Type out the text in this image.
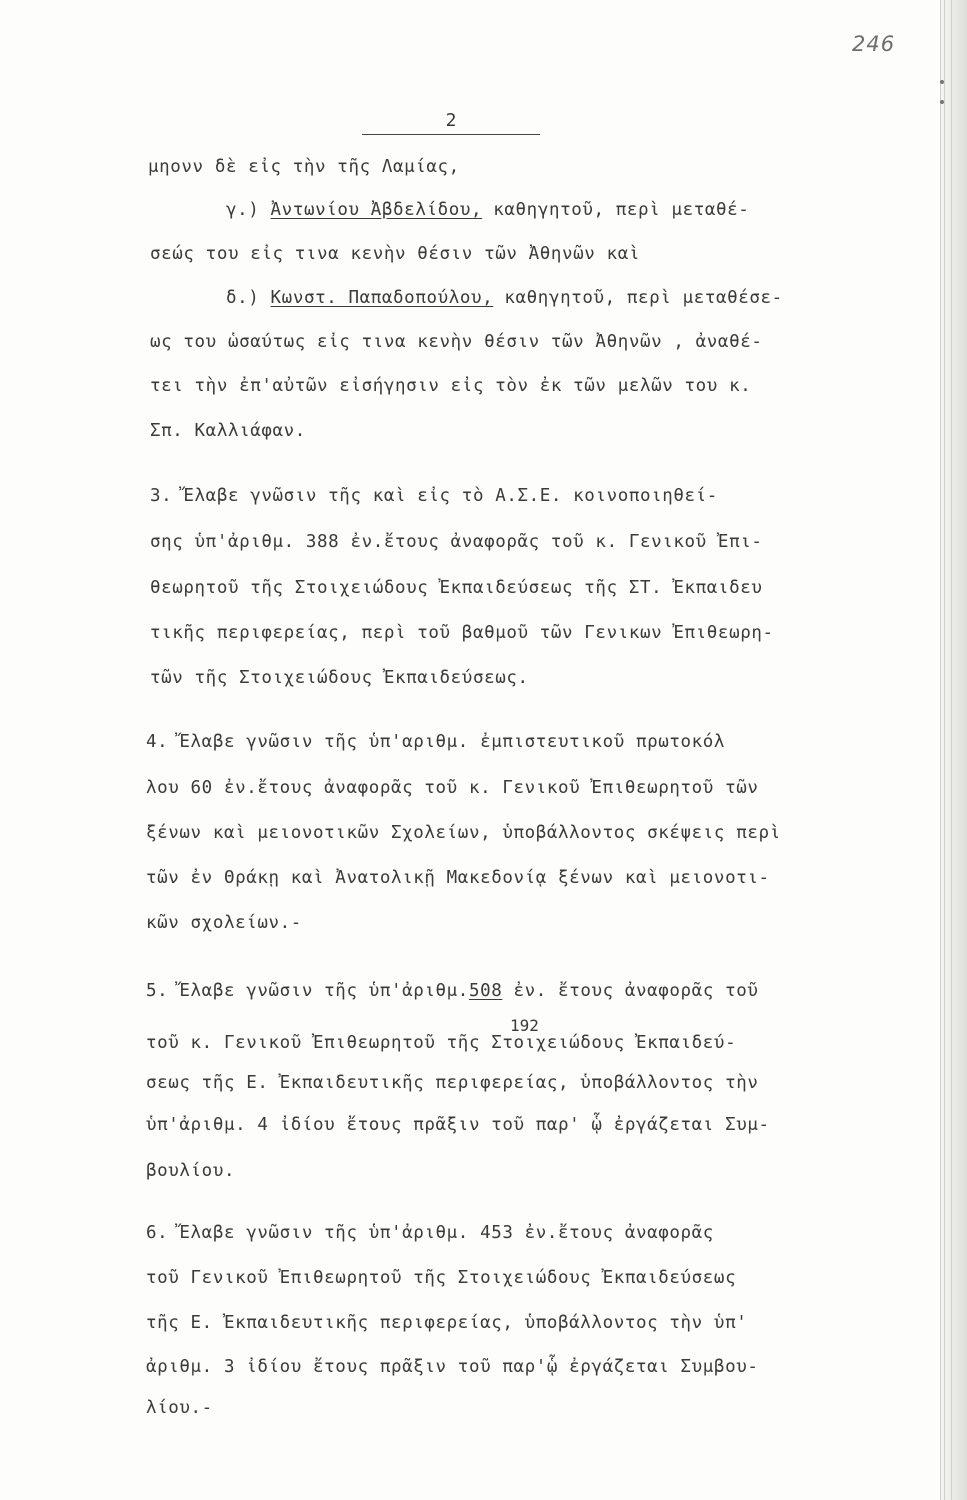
246
2
μηονν δὲ εἰς τὴν τῆς Λαμίας,
γ.) Ἀντωνίου Ἀβδελίδου, καθηγητοῦ, περὶ μεταθέ-
σεώς του εἰς τινα κενὴν θέσιν τῶν Ἀθηνῶν καὶ
δ.) Κωνστ. Παπαδοπούλου, καθηγητοῦ, περὶ μεταθέσε-
ως του ὡσαύτως εἰς τινα κενὴν θέσιν τῶν Ἀθηνῶν , ἀναθέ-
τει τὴν ἐπ'αὐτῶν εἰσήγησιν εἰς τὸν ἐκ τῶν μελῶν του κ.
Σπ. Καλλιάφαν.
3. Ἔλαβε γνῶσιν τῆς καὶ εἰς τὸ Α.Σ.Ε. κοινοποιηθεί-
σης ὑπ'ἀριθμ. 388 ἐν.ἔτους ἀναφορᾶς τοῦ κ. Γενικοῦ Ἐπι-
θεωρητοῦ τῆς Στοιχειώδους Ἐκπαιδεύσεως τῆς ΣΤ. Ἐκπαιδευ
τικῆς περιφερείας, περὶ τοῦ βαθμοῦ τῶν Γενικων Ἐπιθεωρη-
τῶν τῆς Στοιχειώδους Ἐκπαιδεύσεως.
4. Ἔλαβε γνῶσιν τῆς ὑπ'αριθμ. ἐμπιστευτικοῦ πρωτοκόλ
λου 60 ἐν.ἔτους ἀναφορᾶς τοῦ κ. Γενικοῦ Ἐπιθεωρητοῦ τῶν
ξένων καὶ μειονοτικῶν Σχολείων, ὑποβάλλοντος σκέψεις περὶ
τῶν ἐν Θράκῃ καὶ Ἀνατολικῇ Μακεδονίᾳ ξένων καὶ μειονοτι-
κῶν σχολείων.-
5. Ἔλαβε γνῶσιν τῆς ὑπ'ἀριθμ.508 ἐν. ἔτους ἀναφορᾶς τοῦ
192
τοῦ κ. Γενικοῦ Ἐπιθεωρητοῦ τῆς Στοιχειώδους Ἐκπαιδεύ-
σεως τῆς Ε. Ἐκπαιδευτικῆς περιφερείας, ὑποβάλλοντος τὴν
ὑπ'ἀριθμ. 4 ἰδίου ἔτους πρᾶξιν τοῦ παρ' ᾧ ἐργάζεται Συμ-
βουλίου.
6. Ἔλαβε γνῶσιν τῆς ὑπ'ἀριθμ. 453 ἐν.ἔτους ἀναφορᾶς
τοῦ Γενικοῦ Ἐπιθεωρητοῦ τῆς Στοιχειώδους Ἐκπαιδεύσεως
τῆς Ε. Ἐκπαιδευτικῆς περιφερείας, ὑποβάλλοντος τὴν ὑπ'
ἀριθμ. 3 ἰδίου ἔτους πρᾶξιν τοῦ παρ'ᾧ ἐργάζεται Συμβου-
λίου.-
